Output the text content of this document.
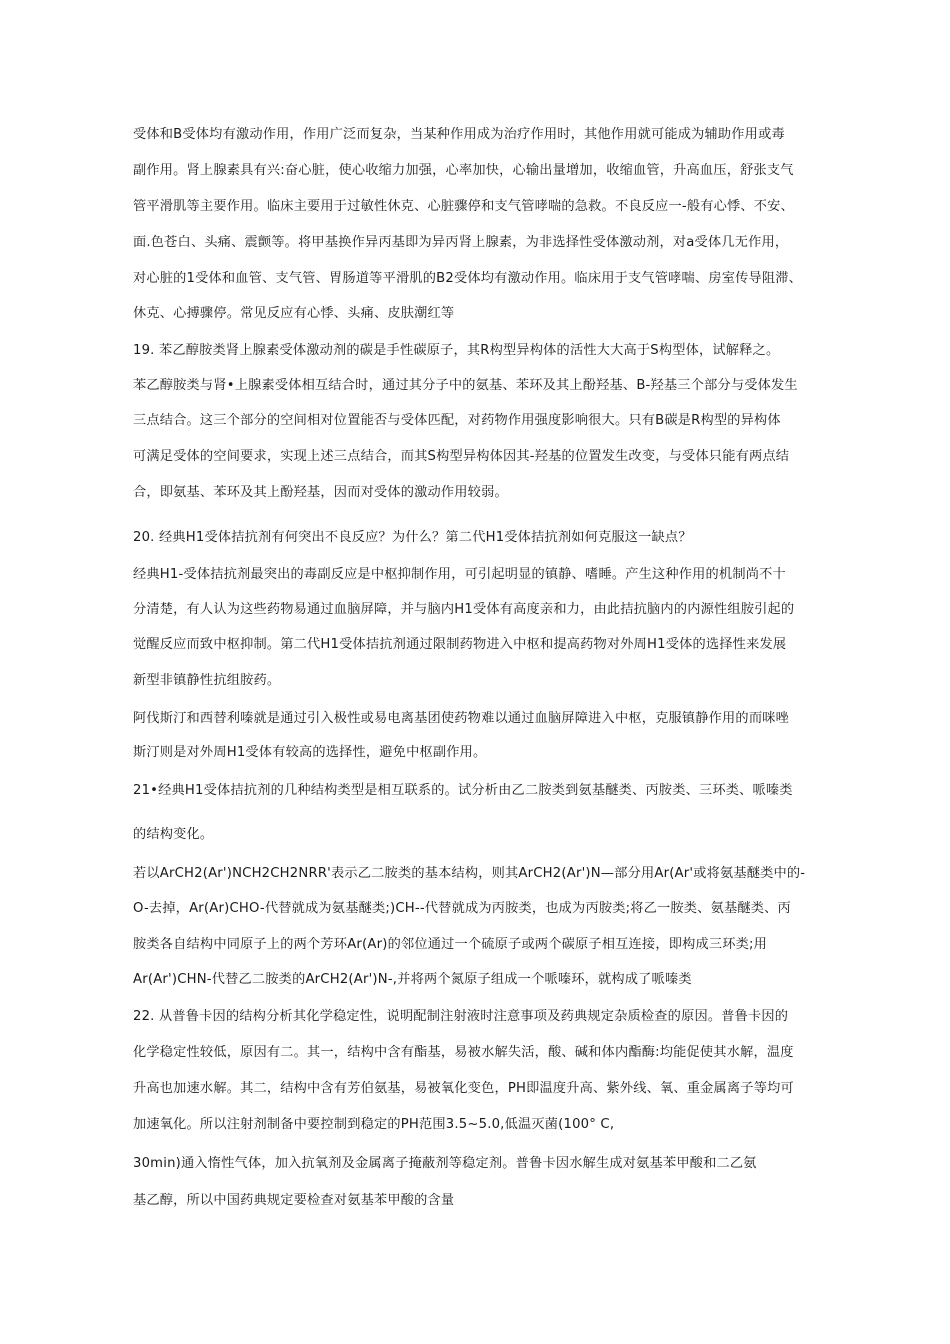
受体和Β受体均有激动作用，作用广泛而复杂，当某种作用成为治疗作用时，其他作用就可能成为辅助作用或毒
副作用。肾上腺素具有兴:奋心脏，使心收缩力加强，心率加快，心输出量增加，收缩血管，升高血压，舒张支气
管平滑肌等主要作用。临床主要用于过敏性休克、心脏骤停和支气管哮喘的急救。不良反应一-般有心悸、不安、
面.色苍白、头痛、震颤等。将甲基换作异丙基即为异丙肾上腺素，为非选择性受体激动剂，对а受体几无作用，
对心脏的1受体和血管、支气管、胃肠道等平滑肌的B2受体均有激动作用。临床用于支气管哮喘、房室传导阻滞、
休克、心搏骤停。常见反应有心悸、头痛、皮肤潮红等
19. 苯乙醇胺类肾上腺素受体激动剂的碳是手性碳原子，其R构型异构体的活性大大高于S构型体，试解释之。
苯乙醇胺类与肾•上腺素受体相互结合时，通过其分子中的氨基、苯环及其上酚羟基、B-羟基三个部分与受体发生
三点结合。这三个部分的空间相对位置能否与受体匹配，对药物作用强度影响很大。只有B碳是R构型的异构体
可满足受体的空间要求，实现上述三点结合，而其S构型异构体因其-羟基的位置发生改变，与受体只能有两点结
合，即氨基、苯环及其上酚羟基，因而对受体的激动作用较弱。
20. 经典H1受体拮抗剂有何突出不良反应？为什么？第二代H1受体拮抗剂如何克服这一缺点？
经典H1-受体拮抗剂最突出的毒副反应是中枢抑制作用，可引起明显的镇静、嗜睡。产生这种作用的机制尚不十
分清楚，有人认为这些药物易通过血脑屏障，并与脑内H1受体有高度亲和力，由此拮抗脑内的内源性组胺引起的
觉醒反应而致中枢抑制。第二代H1受体拮抗剂通过限制药物进入中枢和提高药物对外周H1受体的选择性来发展
新型非镇静性抗组胺药。
阿伐斯汀和西替利嗪就是通过引入极性或易电离基团使药物难以通过血脑屏障进入中枢，克服镇静作用的而咪唑
斯汀则是对外周H1受体有较高的选择性，避免中枢副作用。
21•经典H1受体拮抗剂的几种结构类型是相互联系的。试分析由乙二胺类到氨基醚类、丙胺类、三环类、哌嗪类
的结构变化。
若以ArCH2(Ar')NCH2CH2NRR'表示乙二胺类的基本结构，则其ArCH2(Ar')N—部分用Ar(Ar'或将氨基醚类中的-
O-去掉，Ar(Ar)CHO-代替就成为氨基醚类;)CH--代替就成为丙胺类，也成为丙胺类;将乙一胺类、氨基醚类、丙
胺类各自结构中同原子上的两个芳环Ar(Ar)的邻位通过一个硫原子或两个碳原子相互连接，即构成三环类;用
Ar(Ar')CHN-代替乙二胺类的ArCH2(Ar')N-,并将两个氮原子组成一个哌嗪环，就构成了哌嗪类
22. 从普鲁卡因的结构分析其化学稳定性，说明配制注射液时注意事项及药典规定杂质检查的原因。普鲁卡因的
化学稳定性较低，原因有二。其一，结构中含有酯基，易被水解失活，酸、碱和体内酯酶:均能促使其水解，温度
升高也加速水解。其二，结构中含有芳伯氨基，易被氧化变色，PH即温度升高、紫外线、氧、重金属离子等均可
加速氧化。所以注射剂制备中要控制到稳定的PH范围3.5~5.0,低温灭菌(100° C,
30min)通入惰性气体，加入抗氧剂及金属离子掩蔽剂等稳定剂。普鲁卡因水解生成对氨基苯甲酸和二乙氨
基乙醇，所以中国药典规定要检查对氨基苯甲酸的含量
